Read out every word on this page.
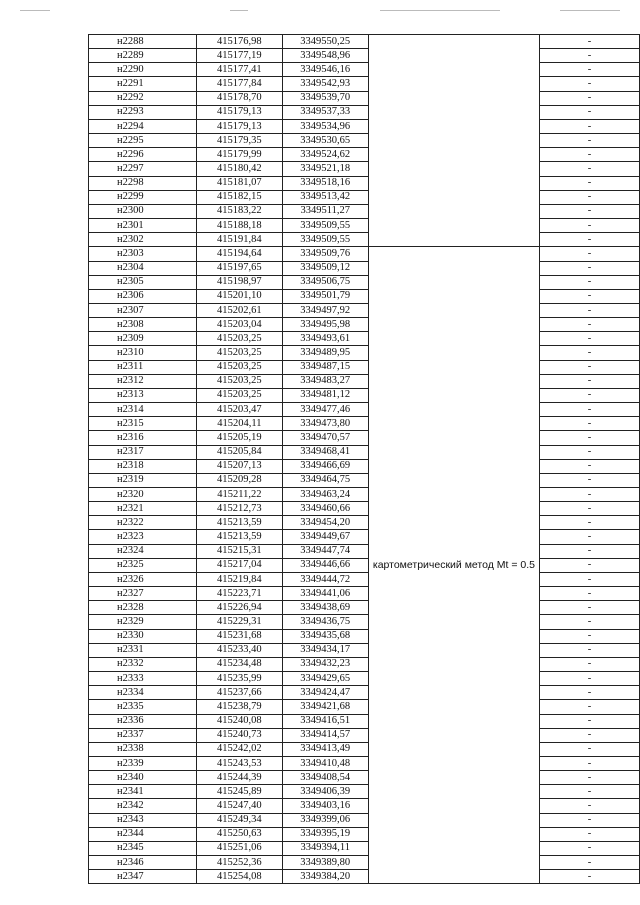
н2288	415176,98	3349550,25		-
н2289	415177,19	3349548,96		-
н2290	415177,41	3349546,16		-
н2291	415177,84	3349542,93		-
н2292	415178,70	3349539,70		-
н2293	415179,13	3349537,33		-
н2294	415179,13	3349534,96		-
н2295	415179,35	3349530,65		-
н2296	415179,99	3349524,62		-
н2297	415180,42	3349521,18		-
н2298	415181,07	3349518,16		-
н2299	415182,15	3349513,42		-
н2300	415183,22	3349511,27		-
н2301	415188,18	3349509,55		-
н2302	415191,84	3349509,55		-
н2303	415194,64	3349509,76	картометрический метод Mt = 0.5	-
н2304	415197,65	3349509,12		-
н2305	415198,97	3349506,75		-
н2306	415201,10	3349501,79		-
н2307	415202,61	3349497,92		-
н2308	415203,04	3349495,98		-
н2309	415203,25	3349493,61		-
н2310	415203,25	3349489,95		-
н2311	415203,25	3349487,15		-
н2312	415203,25	3349483,27		-
н2313	415203,25	3349481,12		-
н2314	415203,47	3349477,46		-
н2315	415204,11	3349473,80		-
н2316	415205,19	3349470,57		-
н2317	415205,84	3349468,41		-
н2318	415207,13	3349466,69		-
н2319	415209,28	3349464,75		-
н2320	415211,22	3349463,24		-
н2321	415212,73	3349460,66		-
н2322	415213,59	3349454,20		-
н2323	415213,59	3349449,67		-
н2324	415215,31	3349447,74		-
н2325	415217,04	3349446,66		-
н2326	415219,84	3349444,72		-
н2327	415223,71	3349441,06		-
н2328	415226,94	3349438,69		-
н2329	415229,31	3349436,75		-
н2330	415231,68	3349435,68		-
н2331	415233,40	3349434,17		-
н2332	415234,48	3349432,23		-
н2333	415235,99	3349429,65		-
н2334	415237,66	3349424,47		-
н2335	415238,79	3349421,68		-
н2336	415240,08	3349416,51		-
н2337	415240,73	3349414,57		-
н2338	415242,02	3349413,49		-
н2339	415243,53	3349410,48		-
н2340	415244,39	3349408,54		-
н2341	415245,89	3349406,39		-
н2342	415247,40	3349403,16		-
н2343	415249,34	3349399,06		-
н2344	415250,63	3349395,19		-
н2345	415251,06	3349394,11		-
н2346	415252,36	3349389,80		-
н2347	415254,08	3349384,20		-
